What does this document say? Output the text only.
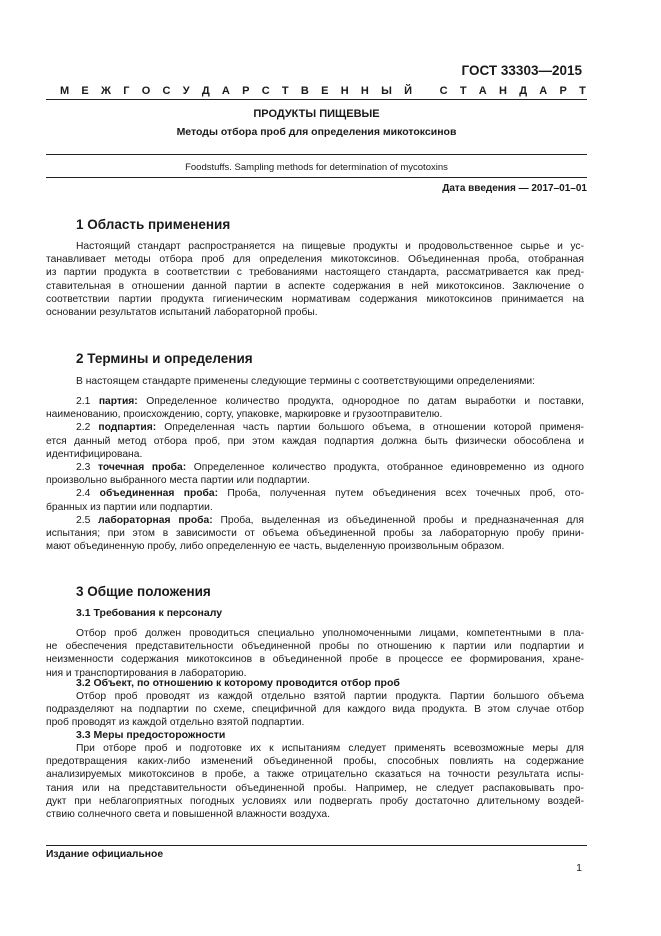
ГОСТ 33303—2015
М Е Ж Г О С У Д А Р С Т В Е Н Н Ы Й
	С Т А Н Д А Р Т
ПРОДУКТЫ ПИЩЕВЫЕ
Методы отбора проб для определения микотоксинов
Foodstuffs. Sampling methods for determination of mycotoxins
Дата введения — 2017–01–01
1 Область применения

Настоящий стандарт распространяется на пищевые продукты и продовольственное сырье и ус-

танавливает методы отбора проб для определения микотоксинов. Объединенная проба, отобранная

из партии продукта в соответствии с требованиями настоящего стандарта, рассматривается как пред-

ставительная в отношении данной партии в аспекте содержания в ней микотоксинов. Заключение о

соответствии партии продукта гигиеническим нормативам содержания микотоксинов принимается на

основании результатов испытаний лабораторной пробы.

2 Термины и определения

В настоящем стандарте применены следующие термины с соответствующими определениями:

2.1 партия: Определенное количество продукта, однородное по датам выработки и поставки,

наименованию, происхождению, сорту, упаковке, маркировке и грузоотправителю.

2.2 подпартия: Определенная часть партии большого объема, в отношении которой применя-

ется данный метод отбора проб, при этом каждая подпартия должна быть физически обособлена и

идентифицирована.

2.3 точечная проба: Определенное количество продукта, отобранное единовременно из одного

произвольно выбранного места партии или подпартии.

2.4 объединенная проба: Проба, полученная путем объединения всех точечных проб, ото-

бранных из партии или подпартии.

2.5 лабораторная проба: Проба, выделенная из объединенной пробы и предназначенная для

испытания; при этом в зависимости от объема объединенной пробы за лабораторную пробу прини-

мают объединенную пробу, либо определенную ее часть, выделенную произвольным образом.

3 Общие положения
3.1 Требования к персоналу

Отбор проб должен проводиться специально уполномоченными лицами, компетентными в пла-

не обеспечения представительности объединенной пробы по отношению к партии или подпартии и

неизменности содержания микотоксинов в объединенной пробе в процессе ее формирования, хране-

ния и транспортирования в лабораторию.

3.2 Объект, по отношению к которому проводится отбор проб

Отбор проб проводят из каждой отдельно взятой партии продукта. Партии большого объема

подразделяют на подпартии по схеме, специфичной для каждого вида продукта. В этом случае отбор

проб проводят из каждой отдельно взятой подпартии.

3.3 Меры предосторожности

При отборе проб и подготовке их к испытаниям следует применять всевозможные меры для

предотвращения каких-либо изменений объединенной пробы, способных повлиять на содержание

анализируемых микотоксинов в пробе, а также отрицательно сказаться на точности результата испы-

тания или на представительности объединенной пробы. Например, не следует распаковывать про-

дукт при неблагоприятных погодных условиях или подвергать пробу достаточно длительному воздей-

ствию солнечного света и повышенной влажности воздуха.

Издание официальное
1
